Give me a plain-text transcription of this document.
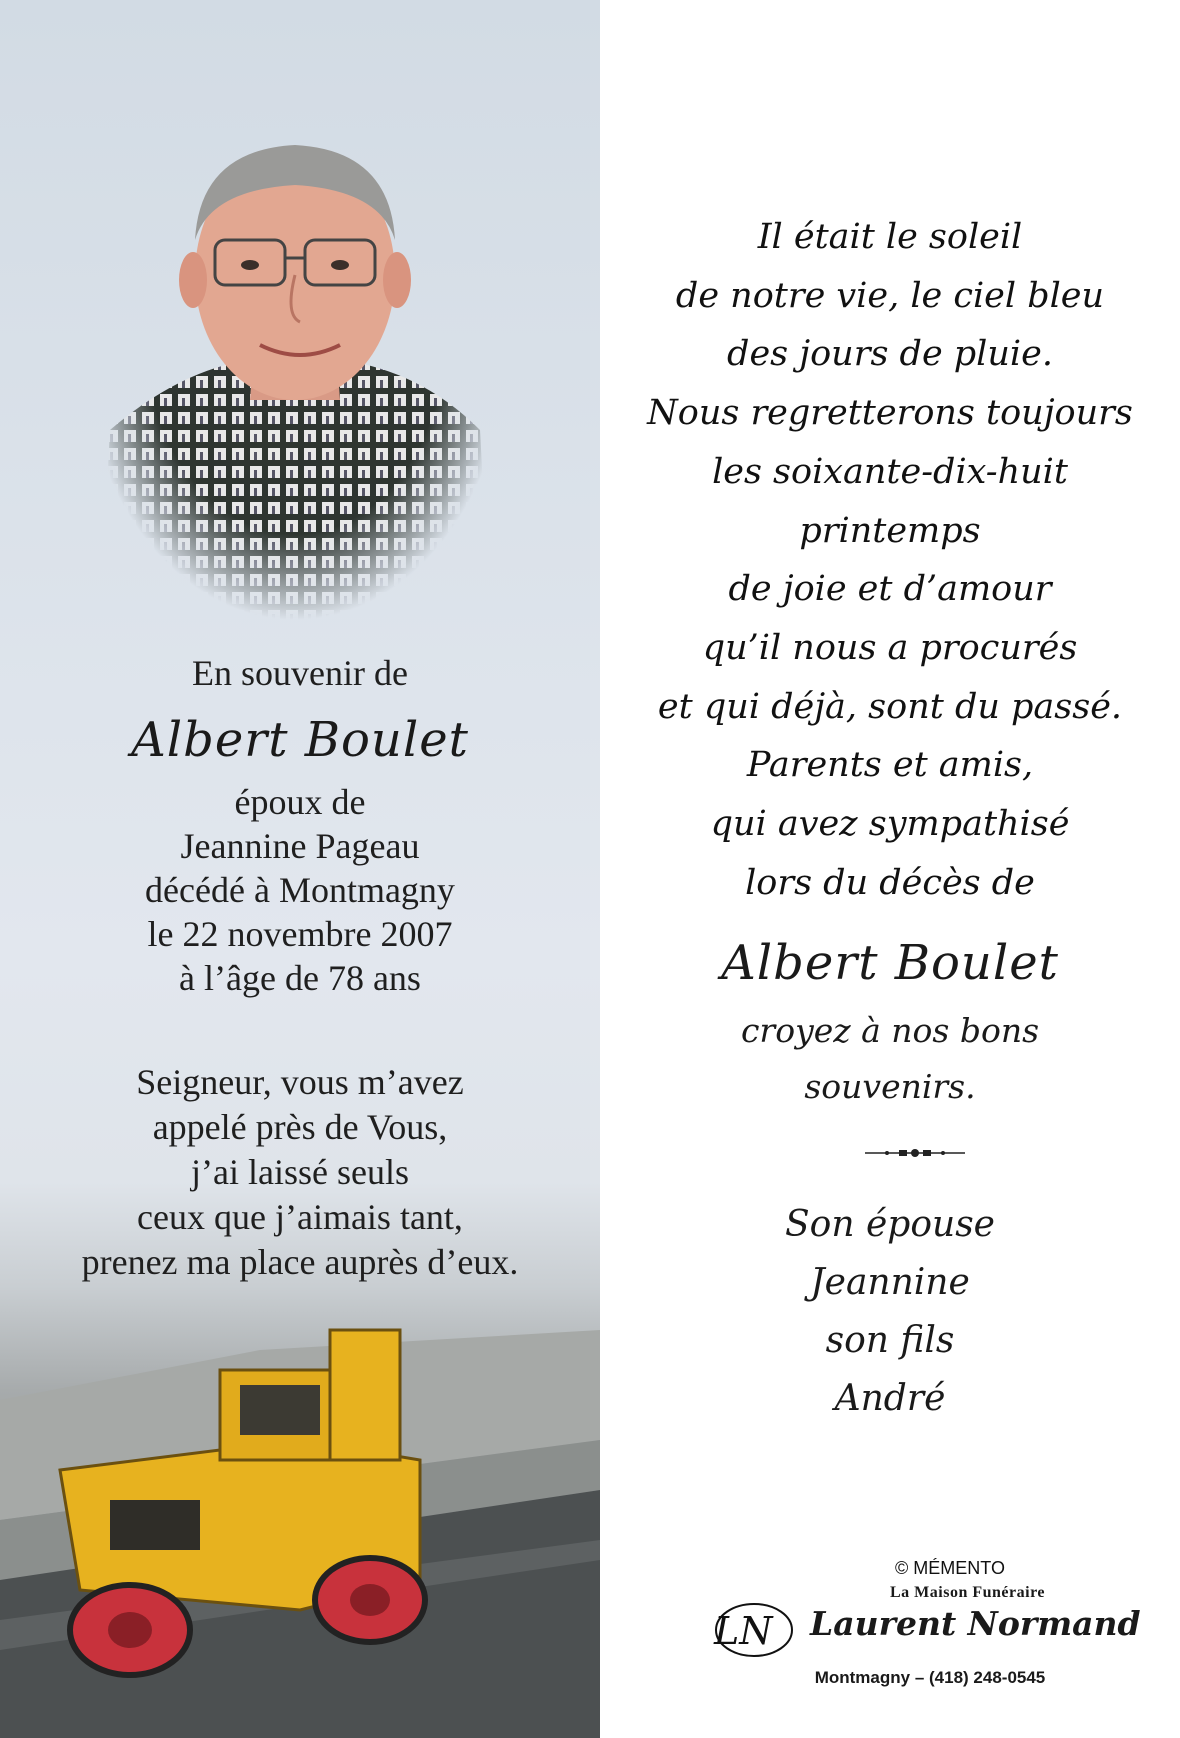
En souvenir de
Albert Boulet
époux de
Jeannine Pageau
décédé à Montmagny
le 22 novembre 2007
à l’âge de 78 ans
Seigneur, vous m’avez
appelé près de Vous,
j’ai laissé seuls
ceux que j’aimais tant,
prenez ma place auprès d’eux.
Il était le soleil
de notre vie, le ciel bleu
des jours de pluie.
Nous regretterons toujours
les soixante-dix-huit
printemps
de joie et d’amour
qu’il nous a procurés
et qui déjà, sont du passé.
Parents et amis,
qui avez sympathisé
lors du décès de
Albert Boulet
croyez à nos bons
souvenirs.
Son épouse
Jeannine
son fils
André
© MÉMENTO
La Maison Funéraire
LN Laurent Normand
Montmagny – (418) 248-0545
